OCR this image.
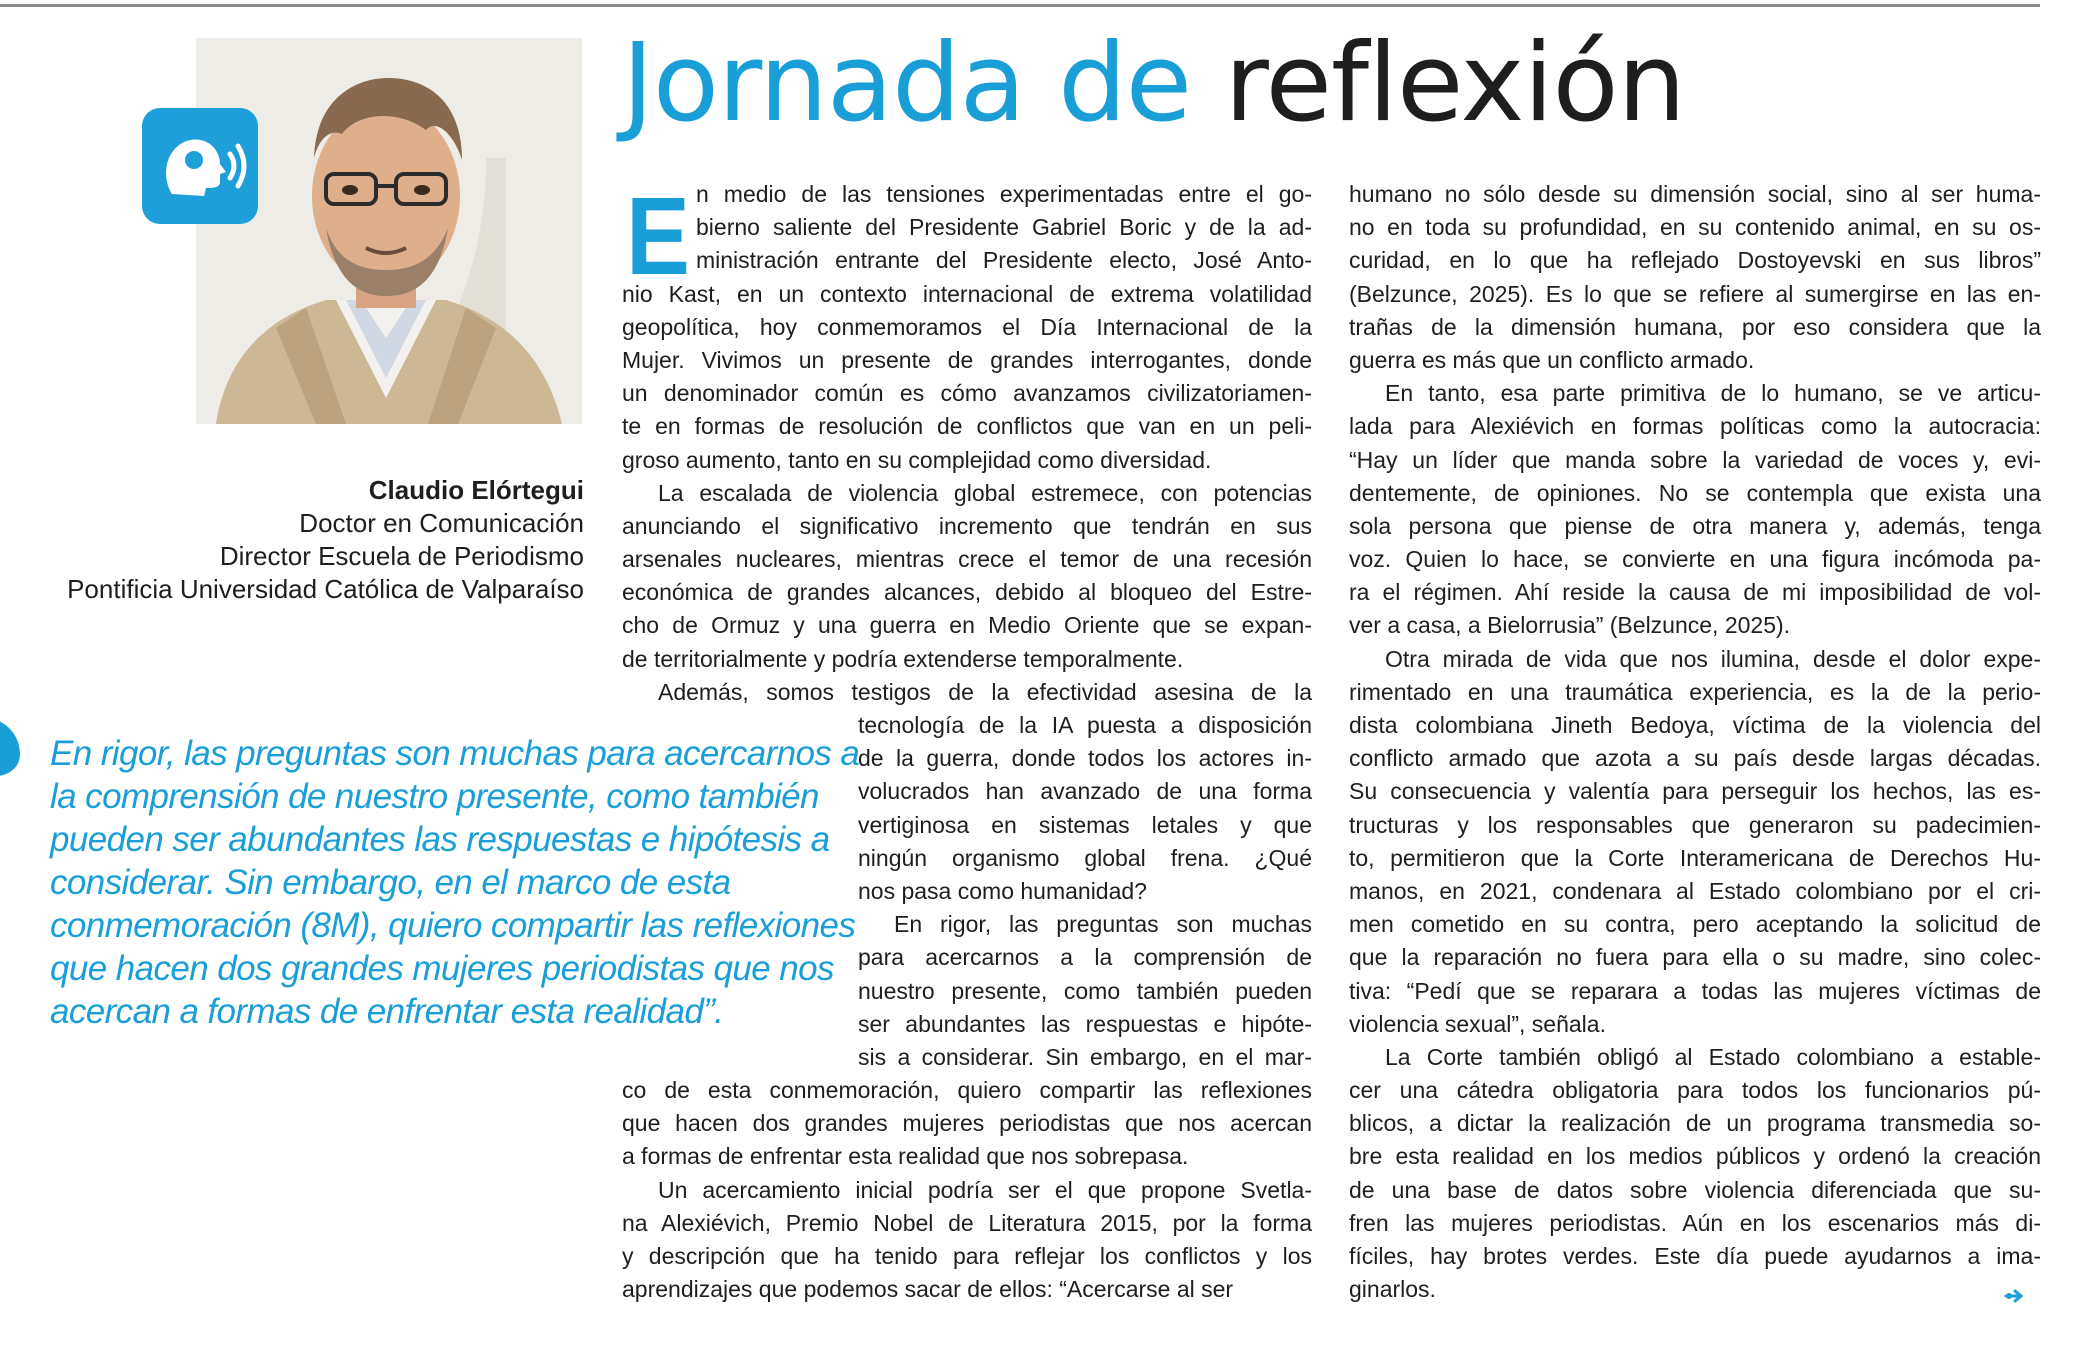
Jornada de reflexión
Claudio Elórtegui
Doctor en Comunicación
Director Escuela de Periodismo
Pontificia Universidad Católica de Valparaíso

En rigor, las preguntas son muchas para acercarnos a

la comprensión de nuestro presente, como también

pueden ser abundantes las respuestas e hipótesis a

considerar. Sin embargo, en el marco de esta

conmemoración (8M), quiero compartir las reflexiones

que hacen dos grandes mujeres periodistas que nos

acercan a formas de enfrentar esta realidad”.

E n medio de las tensiones experimentadas entre el go-

bierno saliente del Presidente Gabriel Boric y de la ad-

ministración entrante del Presidente electo, José Anto-

nio Kast, en un contexto internacional de extrema volatilidad

geopolítica, hoy conmemoramos el Día Internacional de la

Mujer. Vivimos un presente de grandes interrogantes, donde

un denominador común es cómo avanzamos civilizatoriamen-

te en formas de resolución de conflictos que van en un peli-

groso aumento, tanto en su complejidad como diversidad.

La escalada de violencia global estremece, con potencias

anunciando el significativo incremento que tendrán en sus

arsenales nucleares, mientras crece el temor de una recesión

económica de grandes alcances, debido al bloqueo del Estre-

cho de Ormuz y una guerra en Medio Oriente que se expan-

de territorialmente y podría extenderse temporalmente.

Además, somos testigos de la efectividad asesina de la

tecnología de la IA puesta a disposición

de la guerra, donde todos los actores in-

volucrados han avanzado de una forma

vertiginosa en sistemas letales y que

ningún organismo global frena. ¿Qué

nos pasa como humanidad?

En rigor, las preguntas son muchas

para acercarnos a la comprensión de

nuestro presente, como también pueden

ser abundantes las respuestas e hipóte-

sis a considerar. Sin embargo, en el mar-

co de esta conmemoración, quiero compartir las reflexiones

que hacen dos grandes mujeres periodistas que nos acercan

a formas de enfrentar esta realidad que nos sobrepasa.

Un acercamiento inicial podría ser el que propone Svetla-

na Alexiévich, Premio Nobel de Literatura 2015, por la forma

y descripción que ha tenido para reflejar los conflictos y los

aprendizajes que podemos sacar de ellos: “Acercarse al ser

humano no sólo desde su dimensión social, sino al ser huma-

no en toda su profundidad, en su contenido animal, en su os-

curidad, en lo que ha reflejado Dostoyevski en sus libros”

(Belzunce, 2025). Es lo que se refiere al sumergirse en las en-

trañas de la dimensión humana, por eso considera que la

guerra es más que un conflicto armado.

En tanto, esa parte primitiva de lo humano, se ve articu-

lada para Alexiévich en formas políticas como la autocracia:

“Hay un líder que manda sobre la variedad de voces y, evi-

dentemente, de opiniones. No se contempla que exista una

sola persona que piense de otra manera y, además, tenga

voz. Quien lo hace, se convierte en una figura incómoda pa-

ra el régimen. Ahí reside la causa de mi imposibilidad de vol-

ver a casa, a Bielorrusia” (Belzunce, 2025).

Otra mirada de vida que nos ilumina, desde el dolor expe-

rimentado en una traumática experiencia, es la de la perio-

dista colombiana Jineth Bedoya, víctima de la violencia del

conflicto armado que azota a su país desde largas décadas.

Su consecuencia y valentía para perseguir los hechos, las es-

tructuras y los responsables que generaron su padecimien-

to, permitieron que la Corte Interamericana de Derechos Hu-

manos, en 2021, condenara al Estado colombiano por el cri-

men cometido en su contra, pero aceptando la solicitud de

que la reparación no fuera para ella o su madre, sino colec-

tiva: “Pedí que se reparara a todas las mujeres víctimas de

violencia sexual”, señala.

La Corte también obligó al Estado colombiano a estable-

cer una cátedra obligatoria para todos los funcionarios pú-

blicos, a dictar la realización de un programa transmedia so-

bre esta realidad en los medios públicos y ordenó la creación

de una base de datos sobre violencia diferenciada que su-

fren las mujeres periodistas. Aún en los escenarios más di-

fíciles, hay brotes verdes. Este día puede ayudarnos a ima-

ginarlos.
